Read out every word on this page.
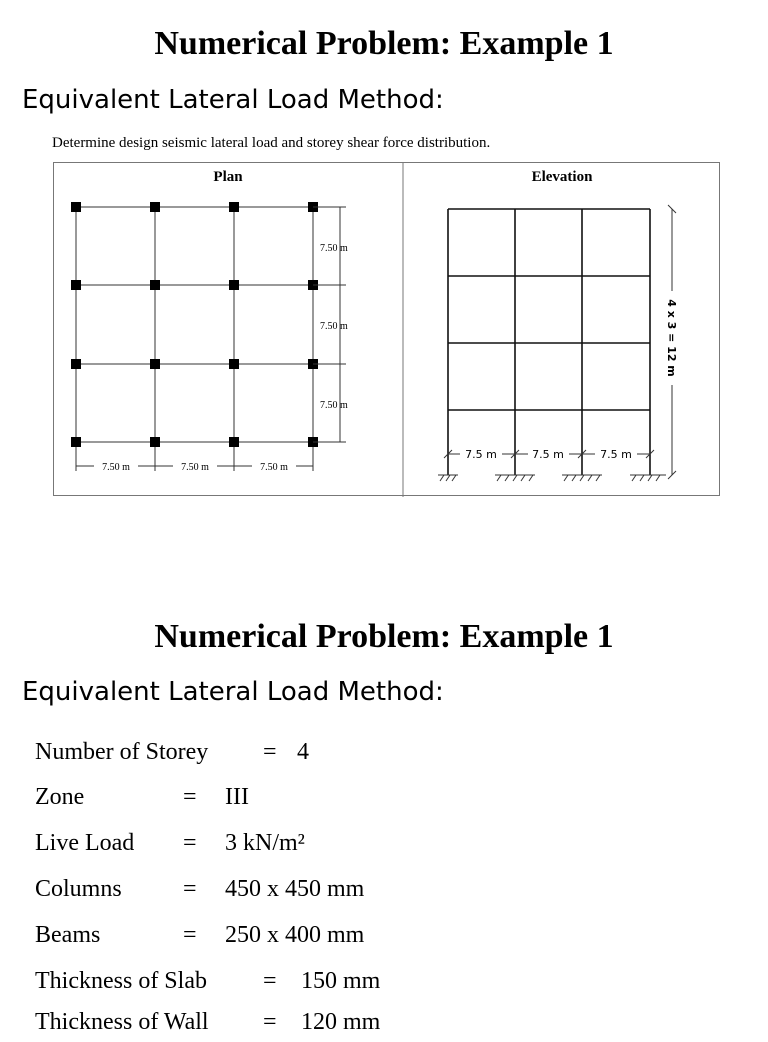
Numerical Problem: Example 1
Equivalent Lateral Load Method:
Determine design seismic lateral load and storey shear force distribution.
Plan
7.50 m
7.50 m
7.50 m
7.50 m	7.50 m	7.50 m
Elevation
7.5 m	7.5 m	7.5 m
4 x 3 = 12 m
Numerical Problem: Example 1
Equivalent Lateral Load Method:
Number of Storey = 4
Zone	= III
Live Load = 3 kN/m²
Columns	= 450 x 450 mm
Beams	= 250 x 400 mm
Thickness of Slab = 150 mm
Thickness of Wall = 120 mm
